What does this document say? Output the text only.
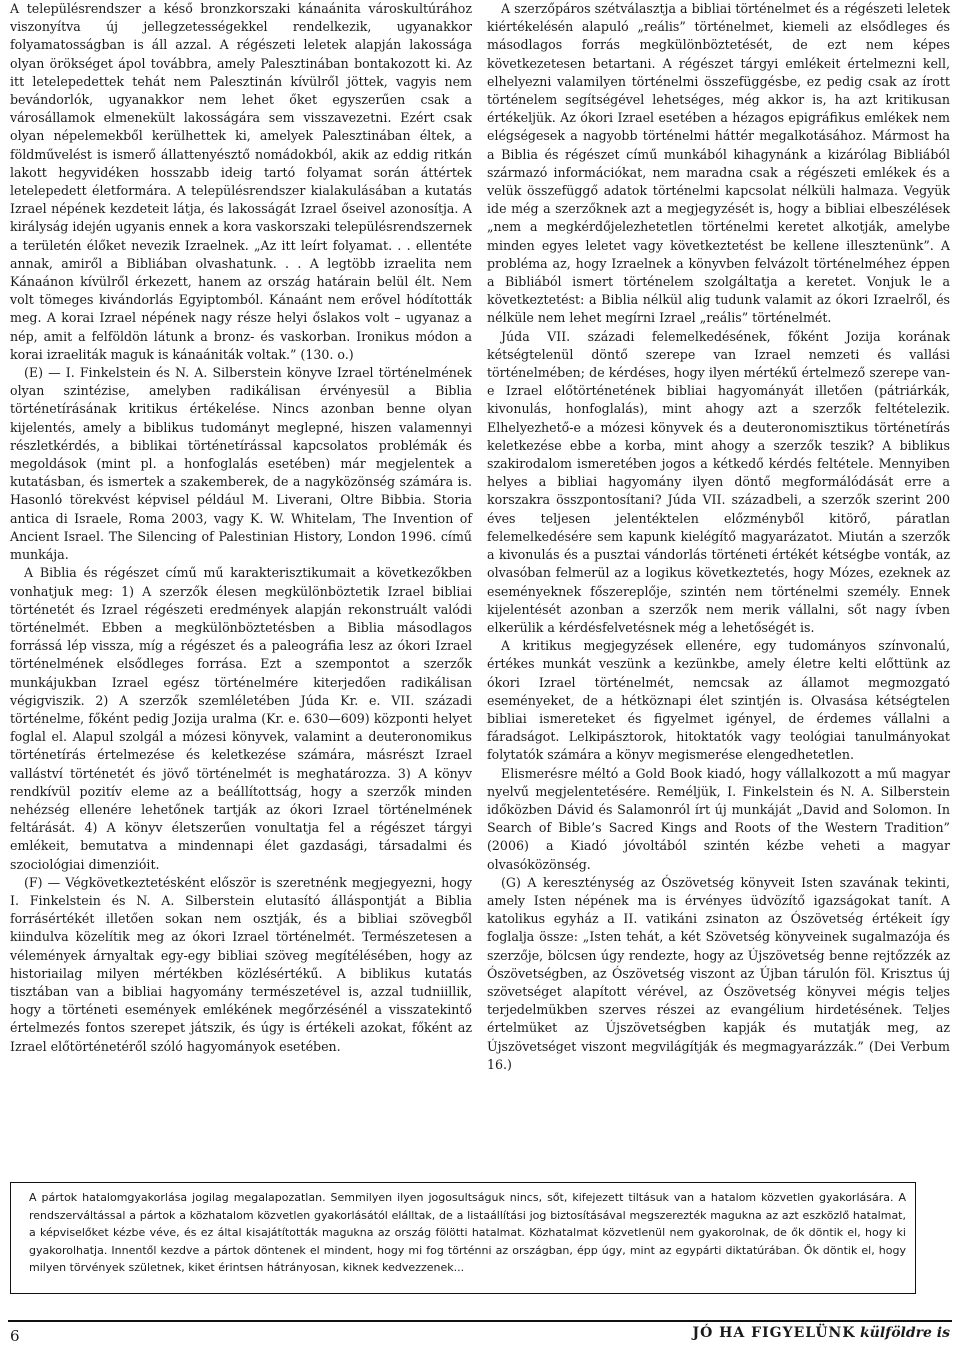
A településrendszer a késő bronzkorszaki kánaánita városkultúrához viszonyítva új jellegzetességekkel rendelkezik, ugyanakkor folyamatosságban is áll azzal. A régészeti leletek alapján lakossága olyan örökséget ápol továbbra, amely Palesztinában bontakozott ki. Az itt letelepedettek tehát nem Palesztinán kívülről jöttek, vagyis nem bevándorlók, ugyanakkor nem lehet őket egyszerűen csak a városállamok elmenekült lakosságára sem visszavezetni. Ezért csak olyan népelemekből kerülhettek ki, amelyek Palesztinában éltek, a földművelést is ismerő állattenyésztő nomádokból, akik az eddig ritkán lakott hegyvidéken hosszabb ideig tartó folyamat során áttértek letelepedett életformára. A településrendszer kialakulásában a kutatás Izrael népének kezdeteit látja, és lakosságát Izrael őseivel azonosítja. A királyság idején ugyanis ennek a kora vaskorszaki településrendszernek a területén élőket nevezik Izraelnek. „Az itt leírt folyamat. . . ellentéte annak, amiről a Bibliában olvashatunk. . . A legtöbb izraelita nem Kánaánon kívülről érkezett, hanem az ország határain belül élt. Nem volt tömeges kivándorlás Egyiptomból. Kánaánt nem erővel hódították meg. A korai Izrael népének nagy része helyi őslakos volt – ugyanaz a nép, amit a felföldön látunk a bronz- és vaskorban. Ironikus módon a korai izraeliták maguk is kánaániták voltak.” (130. o.)

(E) — I. Finkelstein és N. A. Silberstein könyve Izrael történelmének olyan szintézise, amelyben radikálisan érvényesül a Biblia történetírásának kritikus értékelése. Nincs azonban benne olyan kijelentés, amely a biblikus tudományt meglepné, hiszen valamennyi részletkérdés, a biblikai történetírással kapcsolatos problémák és megoldások (mint pl. a honfoglalás esetében) már megjelentek a kutatásban, és ismertek a szakemberek, de a nagyközönség számára is. Hasonló törekvést képvisel például M. Liverani, Oltre Bibbia. Storia antica di Israele, Roma 2003, vagy K. W. Whitelam, The Invention of Ancient Israel. The Silencing of Palestinian History, London 1996. című munkája.

A Biblia és régészet című mű karakterisztikumait a következőkben vonhatjuk meg: 1) A szerzők élesen megkülönböztetik Izrael bibliai történetét és Izrael régészeti eredmények alapján rekonstruált valódi történelmét. Ebben a megkülönböztetésben a Biblia másodlagos forrássá lép vissza, míg a régészet és a paleográfia lesz az ókori Izrael történelmének elsődleges forrása. Ezt a szempontot a szerzők munkájukban Izrael egész történelmére kiterjedően radikálisan végigviszik. 2) A szerzők szemléletében Júda Kr. e. VII. századi történelme, főként pedig Jozija uralma (Kr. e. 630—609) központi helyet foglal el. Alapul szolgál a mózesi könyvek, valamint a deuteronomikus történetírás értelmezése és keletkezése számára, másrészt Izrael valláství történetét és jövő történelmét is meghatározza. 3) A könyv rendkívül pozitív eleme az a beállítottság, hogy a szerzők minden nehézség ellenére lehetőnek tartják az ókori Izrael történelmének feltárását. 4) A könyv életszerűen vonultatja fel a régészet tárgyi emlékeit, bemutatva a mindennapi élet gazdasági, társadalmi és szociológiai dimenzióit.

(F) — Végkövetkeztetésként először is szeretnénk megjegyezni, hogy I. Finkelstein és N. A. Silberstein elutasító álláspontját a Biblia forrásértékét illetően sokan nem osztják, és a bibliai szövegből kiindulva közelítik meg az ókori Izrael történelmét. Természetesen a vélemények árnyaltak egy-egy bibliai szöveg megítélésében, hogy az historiailag milyen mértékben közlésértékű. A biblikus kutatás tisztában van a bibliai hagyomány természetével is, azzal tudniillik, hogy a történeti események emlékének megőrzésénél a visszatekintő értelmezés fontos szerepet játszik, és úgy is értékeli azokat, főként az Izrael előtörténetéről szóló hagyományok esetében.

A szerzőpáros szétválasztja a bibliai történelmet és a régészeti leletek kiértékelésén alapuló „reális” történelmet, kiemeli az elsődleges és másodlagos forrás megkülönböztetését, de ezt nem képes következetesen betartani. A régészet tárgyi emlékeit értelmezni kell, elhelyezni valamilyen történelmi összefüggésbe, ez pedig csak az írott történelem segítségével lehetséges, még akkor is, ha azt kritikusan értékeljük. Az ókori Izrael esetében a hézagos epigráfikus emlékek nem elégségesek a nagyobb történelmi háttér megalkotásához. Mármost ha a Biblia és régészet című munkából kihagynánk a kizárólag Bibliából származó információkat, nem maradna csak a régészeti emlékek és a velük összefüggő adatok történelmi kapcsolat nélküli halmaza. Vegyük ide még a szerzőknek azt a megjegyzését is, hogy a bibliai elbeszélések „nem a megkérdőjelezhetetlen történelmi keretet alkotják, amelybe minden egyes leletet vagy következtetést be kellene illesztenünk”. A probléma az, hogy Izraelnek a könyvben felvázolt történelméhez éppen a Bibliából ismert történelem szolgáltatja a keretet. Vonjuk le a következtetést: a Biblia nélkül alig tudunk valamit az ókori Izraelről, és nélküle nem lehet megírni Izrael „reális” történelmét.

Júda VII. századi felemelkedésének, főként Jozija korának kétségtelenül döntő szerepe van Izrael nemzeti és vallási történelmében; de kérdéses, hogy ilyen mértékű értelmező szerepe van-e Izrael előtörténetének bibliai hagyományát illetően (pátriárkák, kivonulás, honfoglalás), mint ahogy azt a szerzők feltételezik. Elhelyezhető-e a mózesi könyvek és a deuteronomisztikus történetírás keletkezése ebbe a korba, mint ahogy a szerzők teszik? A biblikus szakirodalom ismeretében jogos a kétkedő kérdés feltétele. Mennyiben helyes a bibliai hagyomány ilyen döntő megformálódását erre a korszakra összpontosítani? Júda VII. századbeli, a szerzők szerint 200 éves teljesen jelentéktelen előzményből kitörő, páratlan felemelkedésére sem kapunk kielégítő magyarázatot. Miután a szerzők a kivonulás és a pusztai vándorlás történeti értékét kétségbe vonták, az olvasóban felmerül az a logikus következtetés, hogy Mózes, ezeknek az eseményeknek főszereplője, szintén nem történelmi személy. Ennek kijelentését azonban a szerzők nem merik vállalni, sőt nagy ívben elkerülik a kérdésfelvetésnek még a lehetőségét is.

A kritikus megjegyzések ellenére, egy tudományos színvonalú, értékes munkát veszünk a kezünkbe, amely életre kelti előttünk az ókori Izrael történelmét, nemcsak az államot megmozgató eseményeket, de a hétköznapi élet szintjén is. Olvasása kétségtelen bibliai ismereteket és figyelmet igényel, de érdemes vállalni a fáradságot. Lelkipásztorok, hitoktatók vagy teológiai tanulmányokat folytatók számára a könyv megismerése elengedhetetlen.

Elismerésre méltó a Gold Book kiadó, hogy vállalkozott a mű magyar nyelvű megjelentetésére. Reméljük, I. Finkelstein és N. A. Silberstein időközben Dávid és Salamonról írt új munkáját „David and Solomon. In Search of Bible’s Sacred Kings and Roots of the Western Tradition” (2006) a Kiadó jóvoltából szintén kézbe veheti a magyar olvasóközönség.

(G) A kereszténység az Ószövetség könyveit Isten szavának tekinti, amely Isten népének ma is érvényes üdvözítő igazságokat tanít. A katolikus egyház a II. vatikáni zsinaton az Ószövetség értékeit így foglalja össze: „Isten tehát, a két Szövetség könyveinek sugalmazója és szerzője, bölcsen úgy rendezte, hogy az Újszövetség benne rejtőzzék az Ószövetségben, az Ószövetség viszont az Újban tárulón föl. Krisztus új szövetséget alapított vérével, az Ószövetség könyvei mégis teljes terjedelmükben szerves részei az evangélium hirdetésének. Teljes értelmüket az Újszövetségben kapják és mutatják meg, az Újszövetséget viszont megvilágítják és megmagyarázzák.” (Dei Verbum 16.)

A pártok hatalomgyakorlása jogilag megalapozatlan. Semmilyen ilyen jogosultságuk nincs, sőt, kifejezett tiltásuk van a hatalom közvetlen gyakorlására. A rendszerváltással a pártok a közhatalom közvetlen gyakorlásától elálltak, de a listaállítási jog biztosításával megszerezték magukna az azt eszközlő hatalmat, a képviselőket kézbe véve, és ez által kisajátították magukna az ország fölötti hatalmat. Közhatalmat közvetlenül nem gyakorolnak, de ők döntik el, hogy ki gyakorolhatja. Innentől kezdve a pártok döntenek el mindent, hogy mi fog történni az országban, épp úgy, mint az egypárti diktatúrában. Ők döntik el, hogy milyen törvények születnek, kiket érintsen hátrányosan, kiknek kedvezzenek...
6	JÓ HA FIGYELÜNK külföldre is
